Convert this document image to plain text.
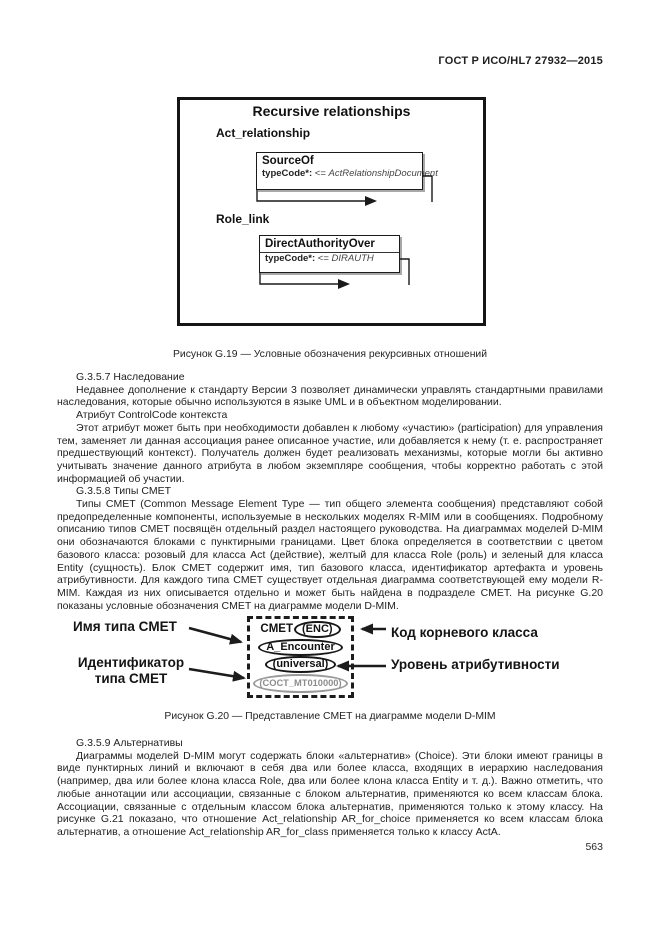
ГОСТ Р ИСО/HL7 27932—2015
Recursive relationships
Act_relationship
SourceOf
typeCode*: <= ActRelationshipDocument
Role_link
DirectAuthorityOver
typeCode*: <= DIRAUTH
Рисунок G.19 — Условные обозначения рекурсивных отношений

G.3.5.7 Наследование

Недавнее дополнение к стандарту Версии 3 позволяет динамически управлять стандартными правилами наследования, которые обычно используются в языке UML и в объектном моделировании.

Атрибут ControlCode контекста

Этот атрибут может быть при необходимости добавлен к любому «участию» (participation) для управления тем, заменяет ли данная ассоциация ранее описанное участие, или добавляется к нему (т. е. распространяет предшествующий контекст). Получатель должен будет реализовать механизмы, которые могли бы активно учитывать значение данного атрибута в любом экземпляре сообщения, чтобы корректно работать с этой информацией об участии.

G.3.5.8 Типы CMET

Типы CMET (Common Message Element Type — тип общего элемента сообщения) представляют собой предопределенные компоненты, используемые в нескольких моделях R-MIM или в сообщениях. Подробному описанию типов CMET посвящён отдельный раздел настоящего руководства. На диаграммах моделей D-MIM они обозначаются блоками с пунктирными границами. Цвет блока определяется в соответствии с цветом базового класса: розовый для класса Act (действие), желтый для класса Role (роль) и зеленый для класса Entity (сущность). Блок CMET содержит имя, тип базового класса, идентификатор артефакта и уровень атрибутивности. Для каждого типа CMET существует отдельная диаграмма соответствующей ему модели R-MIM. Каждая из них описывается отдельно и может быть найдена в подразделе CMET. На рисунке G.20 показаны условные обозначения CMET на диаграмме модели D-MIM.

Имя типа CMET
Идентификатор
типа CMET
Код корневого класса
Уровень атрибутивности
CMET (ENC)
A_Encounter
(universal)
(COCT_MT010000)
Рисунок G.20 — Представление CMET на диаграмме модели D-MIM

G.3.5.9 Альтернативы

Диаграммы моделей D-MIM могут содержать блоки «альтернатив» (Choice). Эти блоки имеют границы в виде пунктирных линий и включают в себя два или более класса, входящих в иерархию наследования (например, два или более клона класса Role, два или более клона класса Entity и т. д.). Важно отметить, что любые аннотации или ассоциации, связанные с блоком альтернатив, применяются ко всем классам блока. Ассоциации, связанные с отдельным классом блока альтернатив, применяются только к этому классу. На рисунке G.21 показано, что отношение Act_relationship AR_for_choice применяется ко всем классам блока альтернатив, а отношение Act_relationship AR_for_class применяется только к классу ActA.

563
